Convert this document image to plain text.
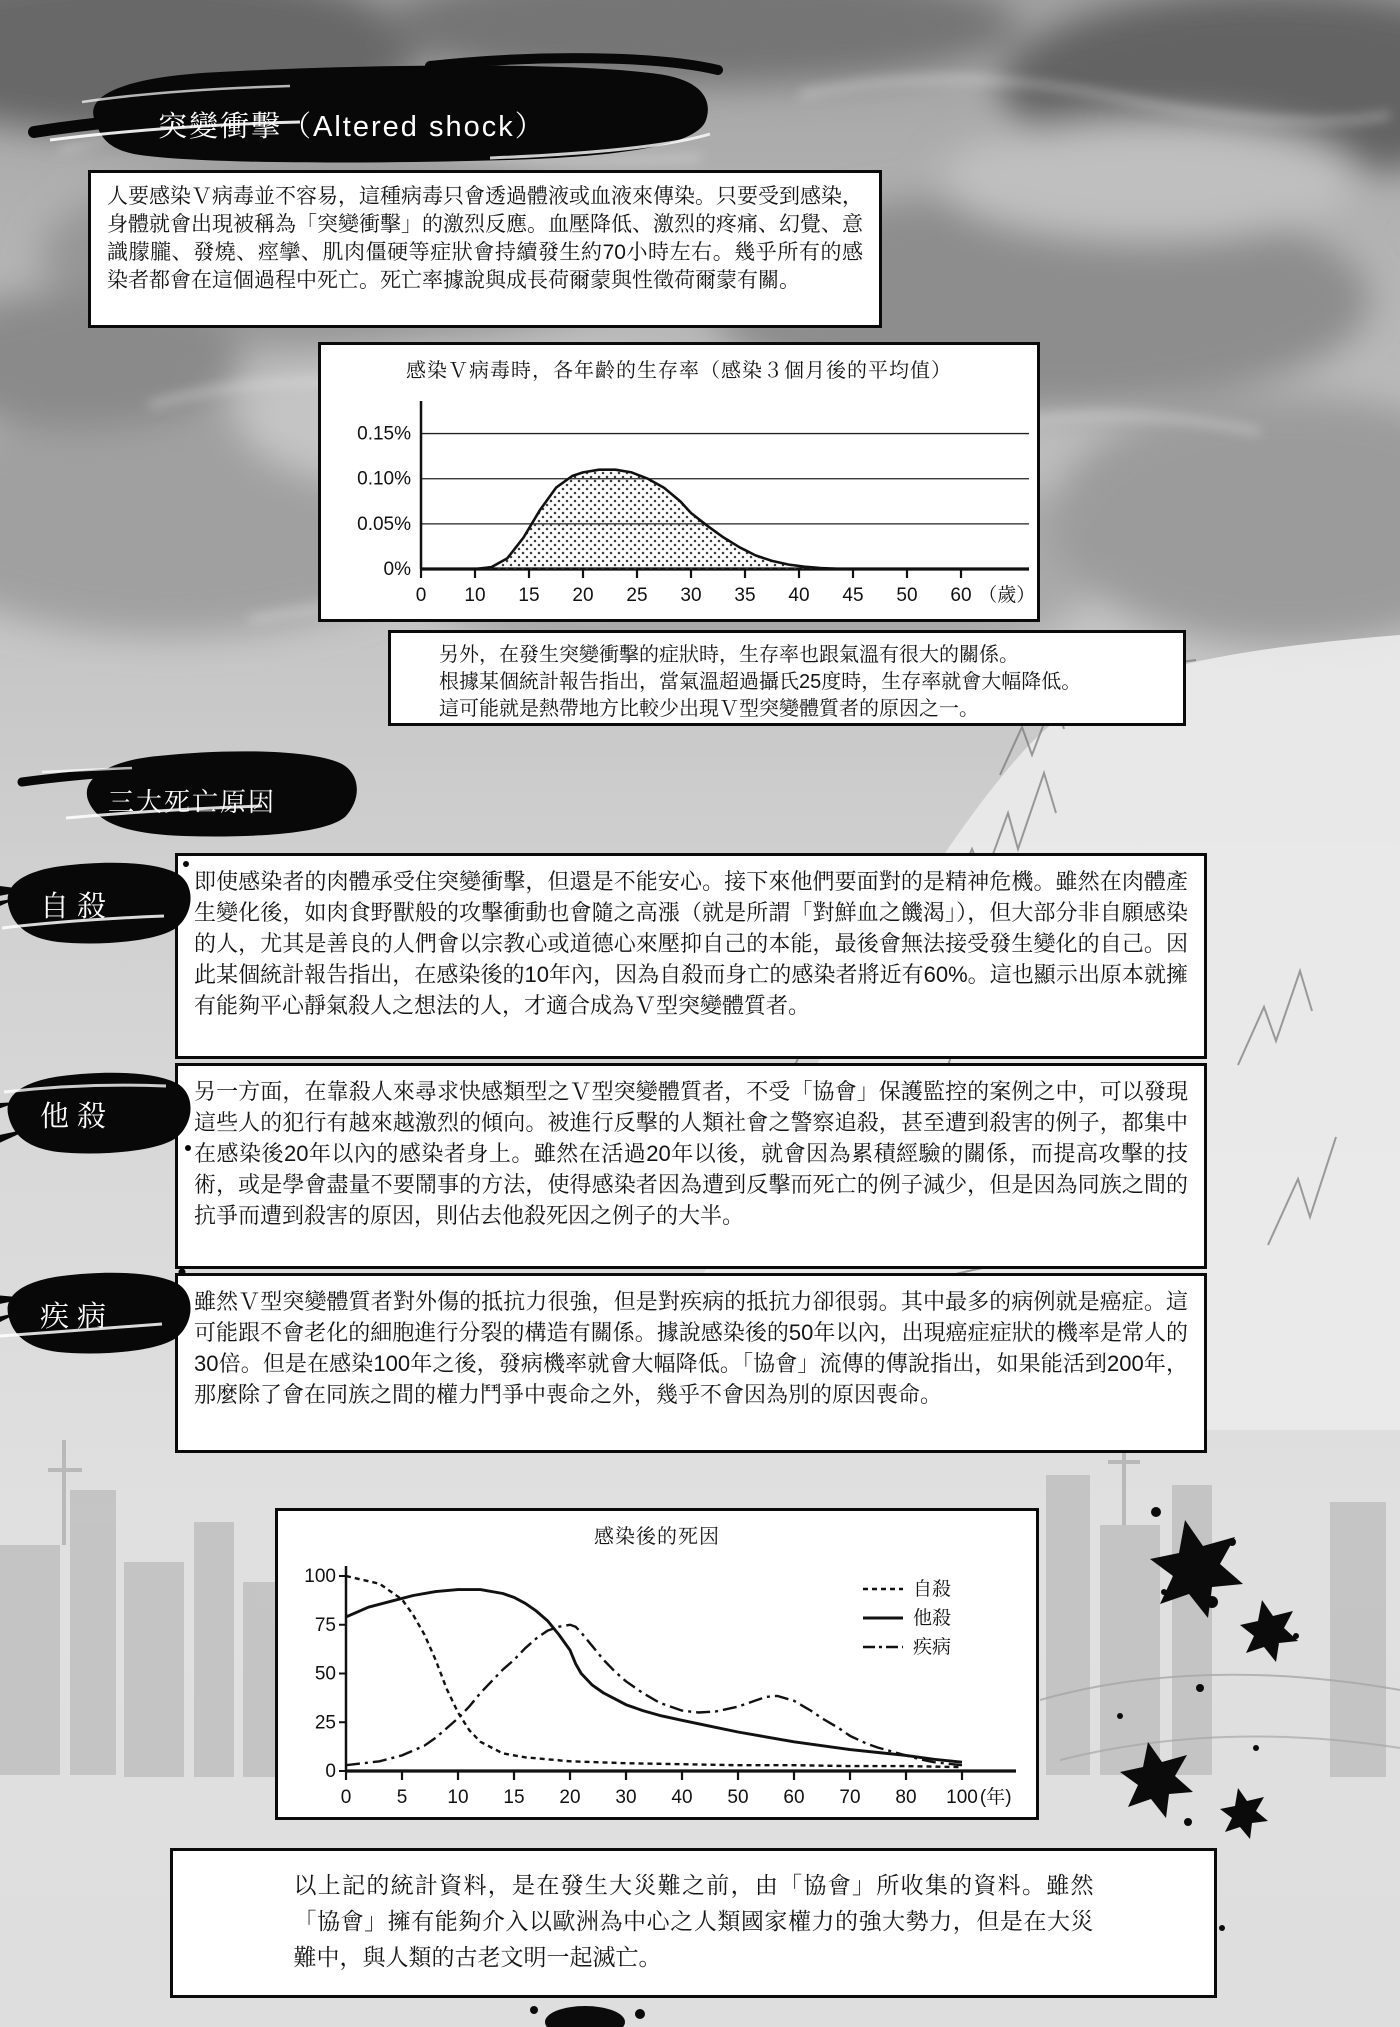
突變衝擊（Altered shock）

人要感染Ｖ病毒並不容易，這種病毒只會透過體液或血液來傳染。只要受到感染，身體就會出現被稱為「突變衝擊」的激烈反應。血壓降低、激烈的疼痛、幻覺、意識朦朧、發燒、痙攣、肌肉僵硬等症狀會持續發生約70小時左右。幾乎所有的感染者都會在這個過程中死亡。死亡率據說與成長荷爾蒙與性徵荷爾蒙有關。

感染Ｖ病毒時，各年齡的生存率（感染３個月後的平均值）
0.15%
0.10%
0.05%
0%
0 10 15 20 25 30 35 40 45 50 60 （歲）

另外，在發生突變衝擊的症狀時，生存率也跟氣溫有很大的關係。

根據某個統計報告指出，當氣溫超過攝氏25度時，生存率就會大幅降低。

這可能就是熱帶地方比較少出現Ｖ型突變體質者的原因之一。

三大死亡原因
自殺

即使感染者的肉體承受住突變衝擊，但還是不能安心。接下來他們要面對的是精神危機。雖然在肉體產生變化後，如肉食野獸般的攻擊衝動也會隨之高漲（就是所謂「對鮮血之饑渴」），但大部分非自願感染的人，尤其是善良的人們會以宗教心或道德心來壓抑自己的本能，最後會無法接受發生變化的自己。因此某個統計報告指出，在感染後的10年內，因為自殺而身亡的感染者將近有60%。這也顯示出原本就擁有能夠平心靜氣殺人之想法的人，才適合成為Ｖ型突變體質者。

他殺

另一方面，在靠殺人來尋求快感類型之Ｖ型突變體質者，不受「協會」保護監控的案例之中，可以發現這些人的犯行有越來越激烈的傾向。被進行反擊的人類社會之警察追殺，甚至遭到殺害的例子，都集中在感染後20年以內的感染者身上。雖然在活過20年以後，就會因為累積經驗的關係，而提高攻擊的技術，或是學會盡量不要鬧事的方法，使得感染者因為遭到反擊而死亡的例子減少，但是因為同族之間的抗爭而遭到殺害的原因，則佔去他殺死因之例子的大半。

疾病	雖然Ｖ型突變體質者對外傷的抵抗力很強，但是對疾病的抵抗力卻很弱。其中最多的病例就是癌症。這可能跟不會老化的細胞進行分裂的構造有關係。據說感染後的50年以內，出現癌症症狀的機率是常人的30倍。但是在感染100年之後，發病機率就會大幅降低。「協會」流傳的傳說指出，如果能活到200年，那麼除了會在同族之間的權力鬥爭中喪命之外，幾乎不會因為別的原因喪命。

感染後的死因
100
75
50
25
0
0 5 10 15 20 30 40 50 60 70 80 100 (年)
自殺
他殺
疾病

以上記的統計資料，是在發生大災難之前，由「協會」所收集的資料。雖然「協會」擁有能夠介入以歐洲為中心之人類國家權力的強大勢力，但是在大災難中，與人類的古老文明一起滅亡。
